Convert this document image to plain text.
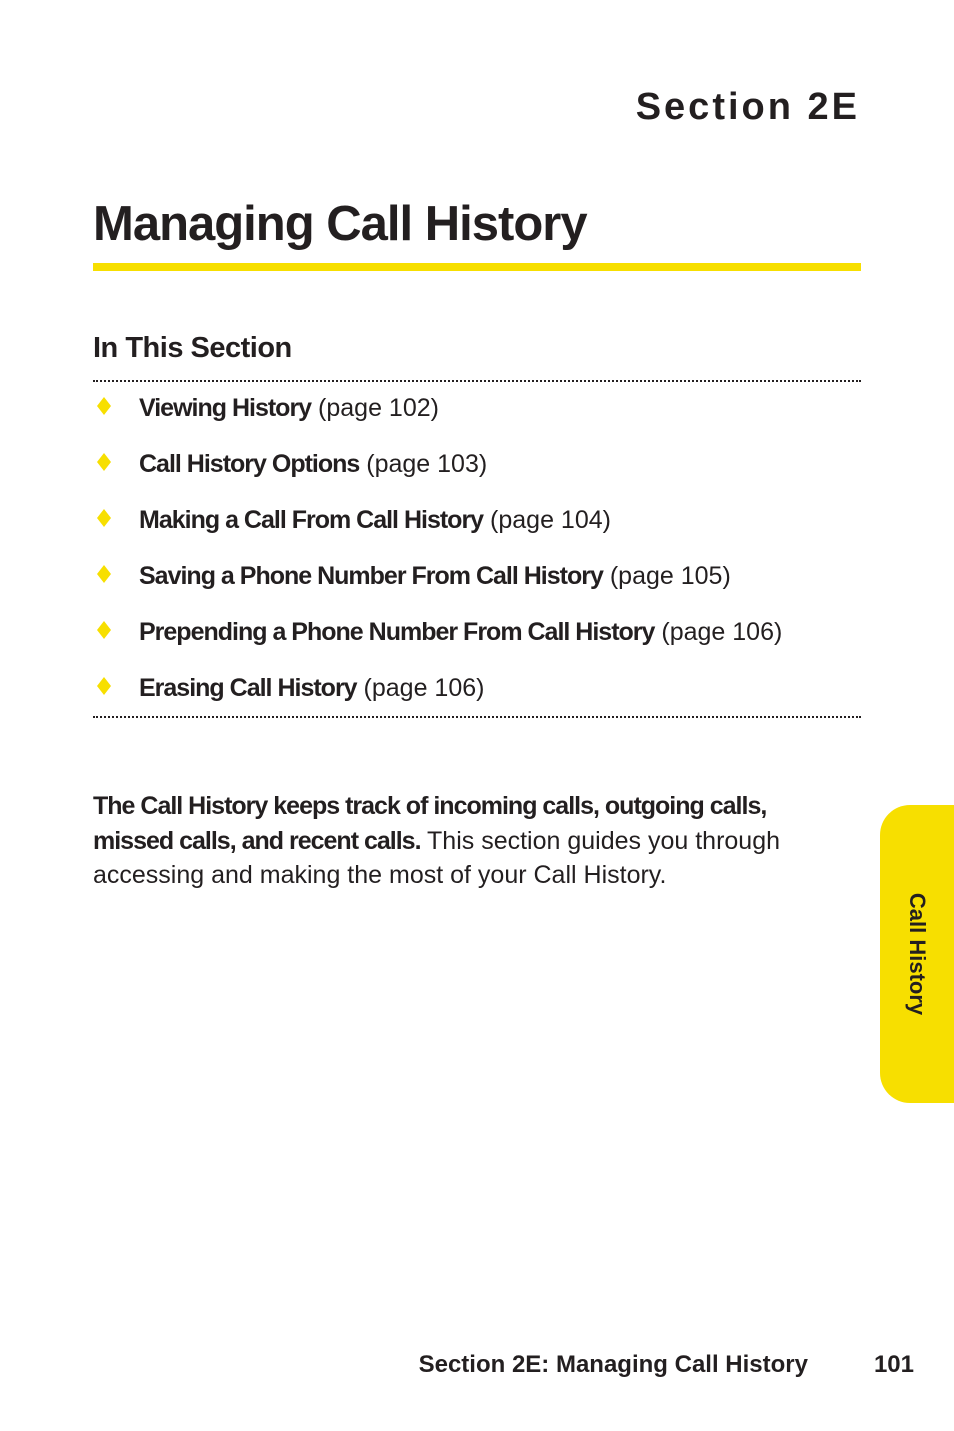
Section 2E
Managing Call History
In This Section
Viewing History (page 102)
Call History Options (page 103)
Making a Call From Call History (page 104)
Saving a Phone Number From Call History (page 105)
Prepending a Phone Number From Call History (page 106)
Erasing Call History (page 106)

The Call History keeps track of incoming calls, outgoing calls, missed calls, and recent calls. This section guides you through accessing and making the most of your Call History.

Call History
Section 2E: Managing Call History	101
